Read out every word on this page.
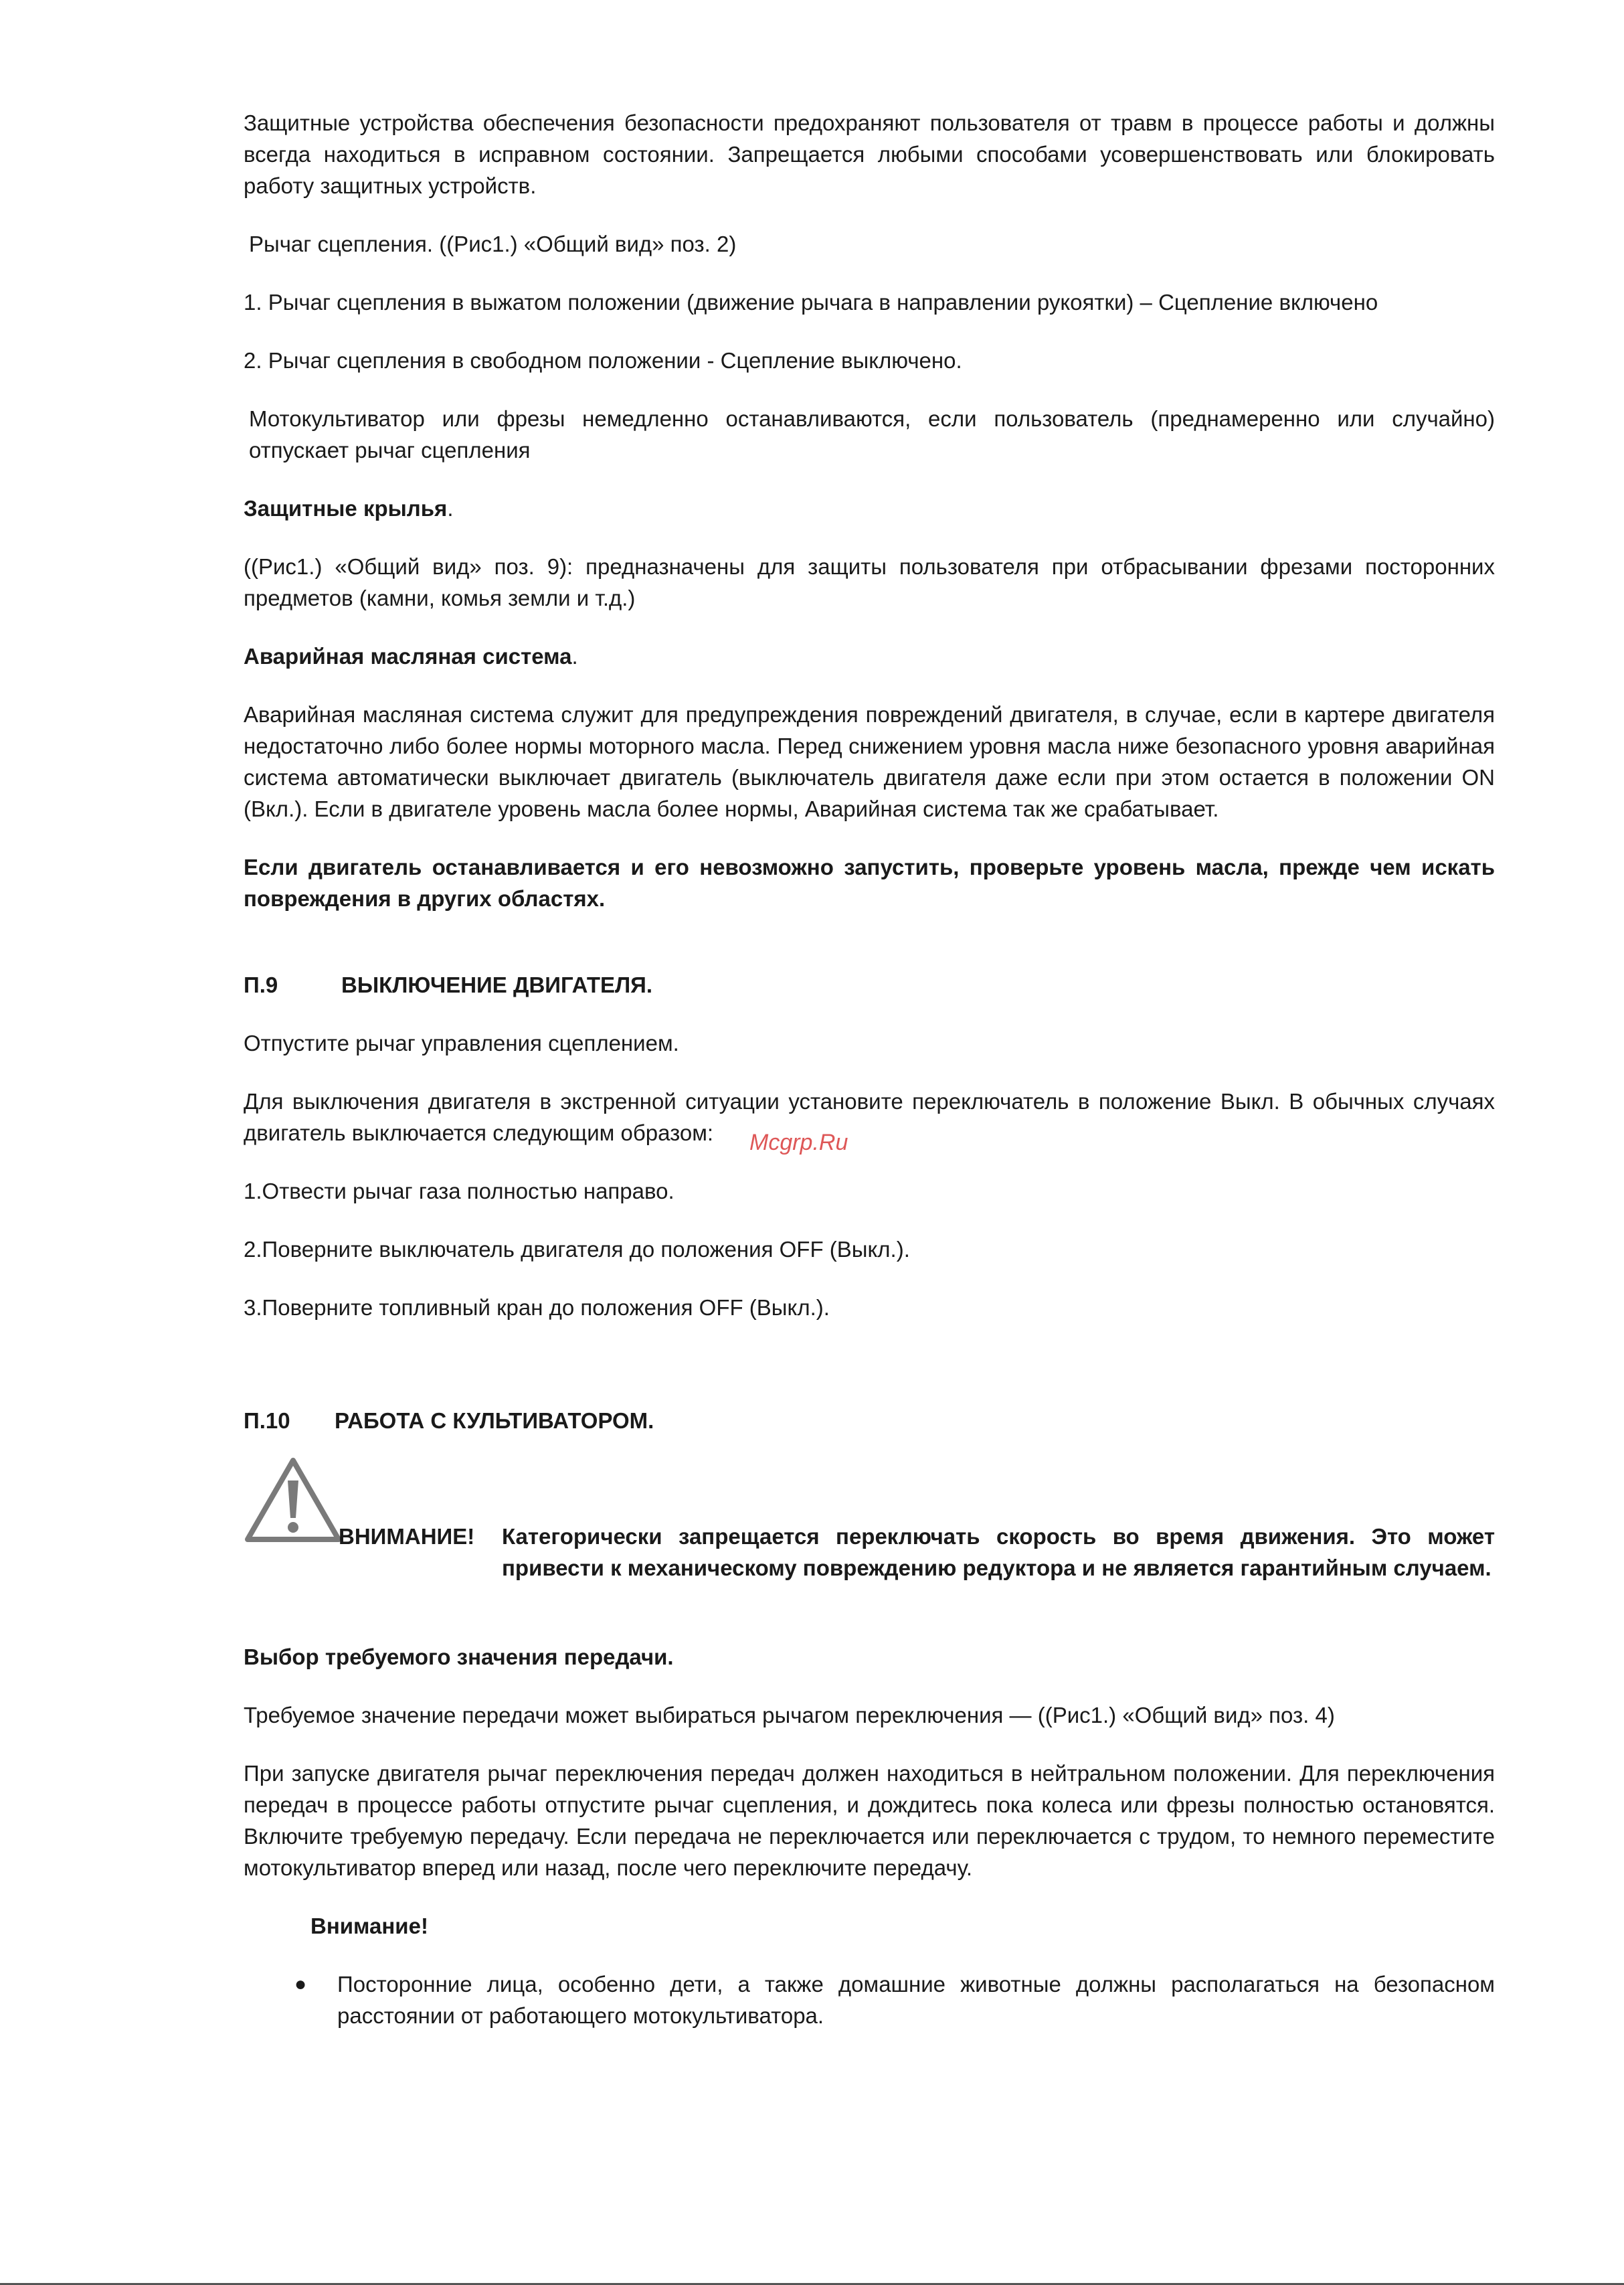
Защитные устройства обеспечения безопасности предохраняют пользователя от травм в процессе работы и должны всегда находиться в исправном состоянии. Запрещается любыми способами усовершенствовать или блокировать работу защитных устройств.

Рычаг сцепления. ((Рис1.) «Общий вид» поз. 2)

1. Рычаг сцепления в выжатом положении (движение рычага в направлении рукоятки) – Сцепление включено

2. Рычаг сцепления в свободном положении - Сцепление выключено.

Мотокультиватор или фрезы немедленно останавливаются, если пользователь (преднамеренно или случайно) отпускает рычаг сцепления

Защитные крылья.

((Рис1.) «Общий вид» поз. 9): предназначены для защиты пользователя при отбрасывании фрезами посторонних предметов (камни, комья земли и т.д.)

Аварийная масляная система.

Аварийная масляная система служит для предупреждения повреждений двигателя, в случае, если в картере двигателя недостаточно либо более нормы моторного масла. Перед снижением уровня масла ниже безопасного уровня аварийная система автоматически выключает двигатель (выключатель двигателя даже если при этом остается в положении ON (Вкл.). Если в двигателе уровень масла более нормы, Аварийная система так же срабатывает.

Если двигатель останавливается и его невозможно запустить, проверьте уровень масла, прежде чем искать повреждения в других областях.

П.9	ВЫКЛЮЧЕНИЕ ДВИГАТЕЛЯ.

Отпустите рычаг управления сцеплением.

Для выключения двигателя в экстренной ситуации установите переключатель в положение Выкл. В обычных случаях двигатель выключается следующим образом:

1.Отвести рычаг газа полностью направо.

2.Поверните выключатель двигателя до положения OFF (Выкл.).

3.Поверните топливный кран до положения OFF (Выкл.).

П.10	РАБОТА С КУЛЬТИВАТОРОМ.
ВНИМАНИЕ!	Категорически запрещается переключать скорость во время движения. Это может привести к механическому повреждению редуктора и не является гарантийным случаем.

Выбор требуемого значения передачи.

Требуемое значение передачи может выбираться рычагом переключения — ((Рис1.) «Общий вид» поз. 4)

При запуске двигателя рычаг переключения передач должен находиться в нейтральном положении. Для переключения передач в процессе работы отпустите рычаг сцепления, и дождитесь пока колеса или фрезы полностью остановятся. Включите требуемую передачу. Если передача не переключается или переключается с трудом, то немного переместите мотокультиватор вперед или назад, после чего переключите передачу.

Внимание!
●	Посторонние лица, особенно дети, а также домашние животные должны располагаться на безопасном расстоянии от работающего мотокультиватора.
Mcgrp.Ru
